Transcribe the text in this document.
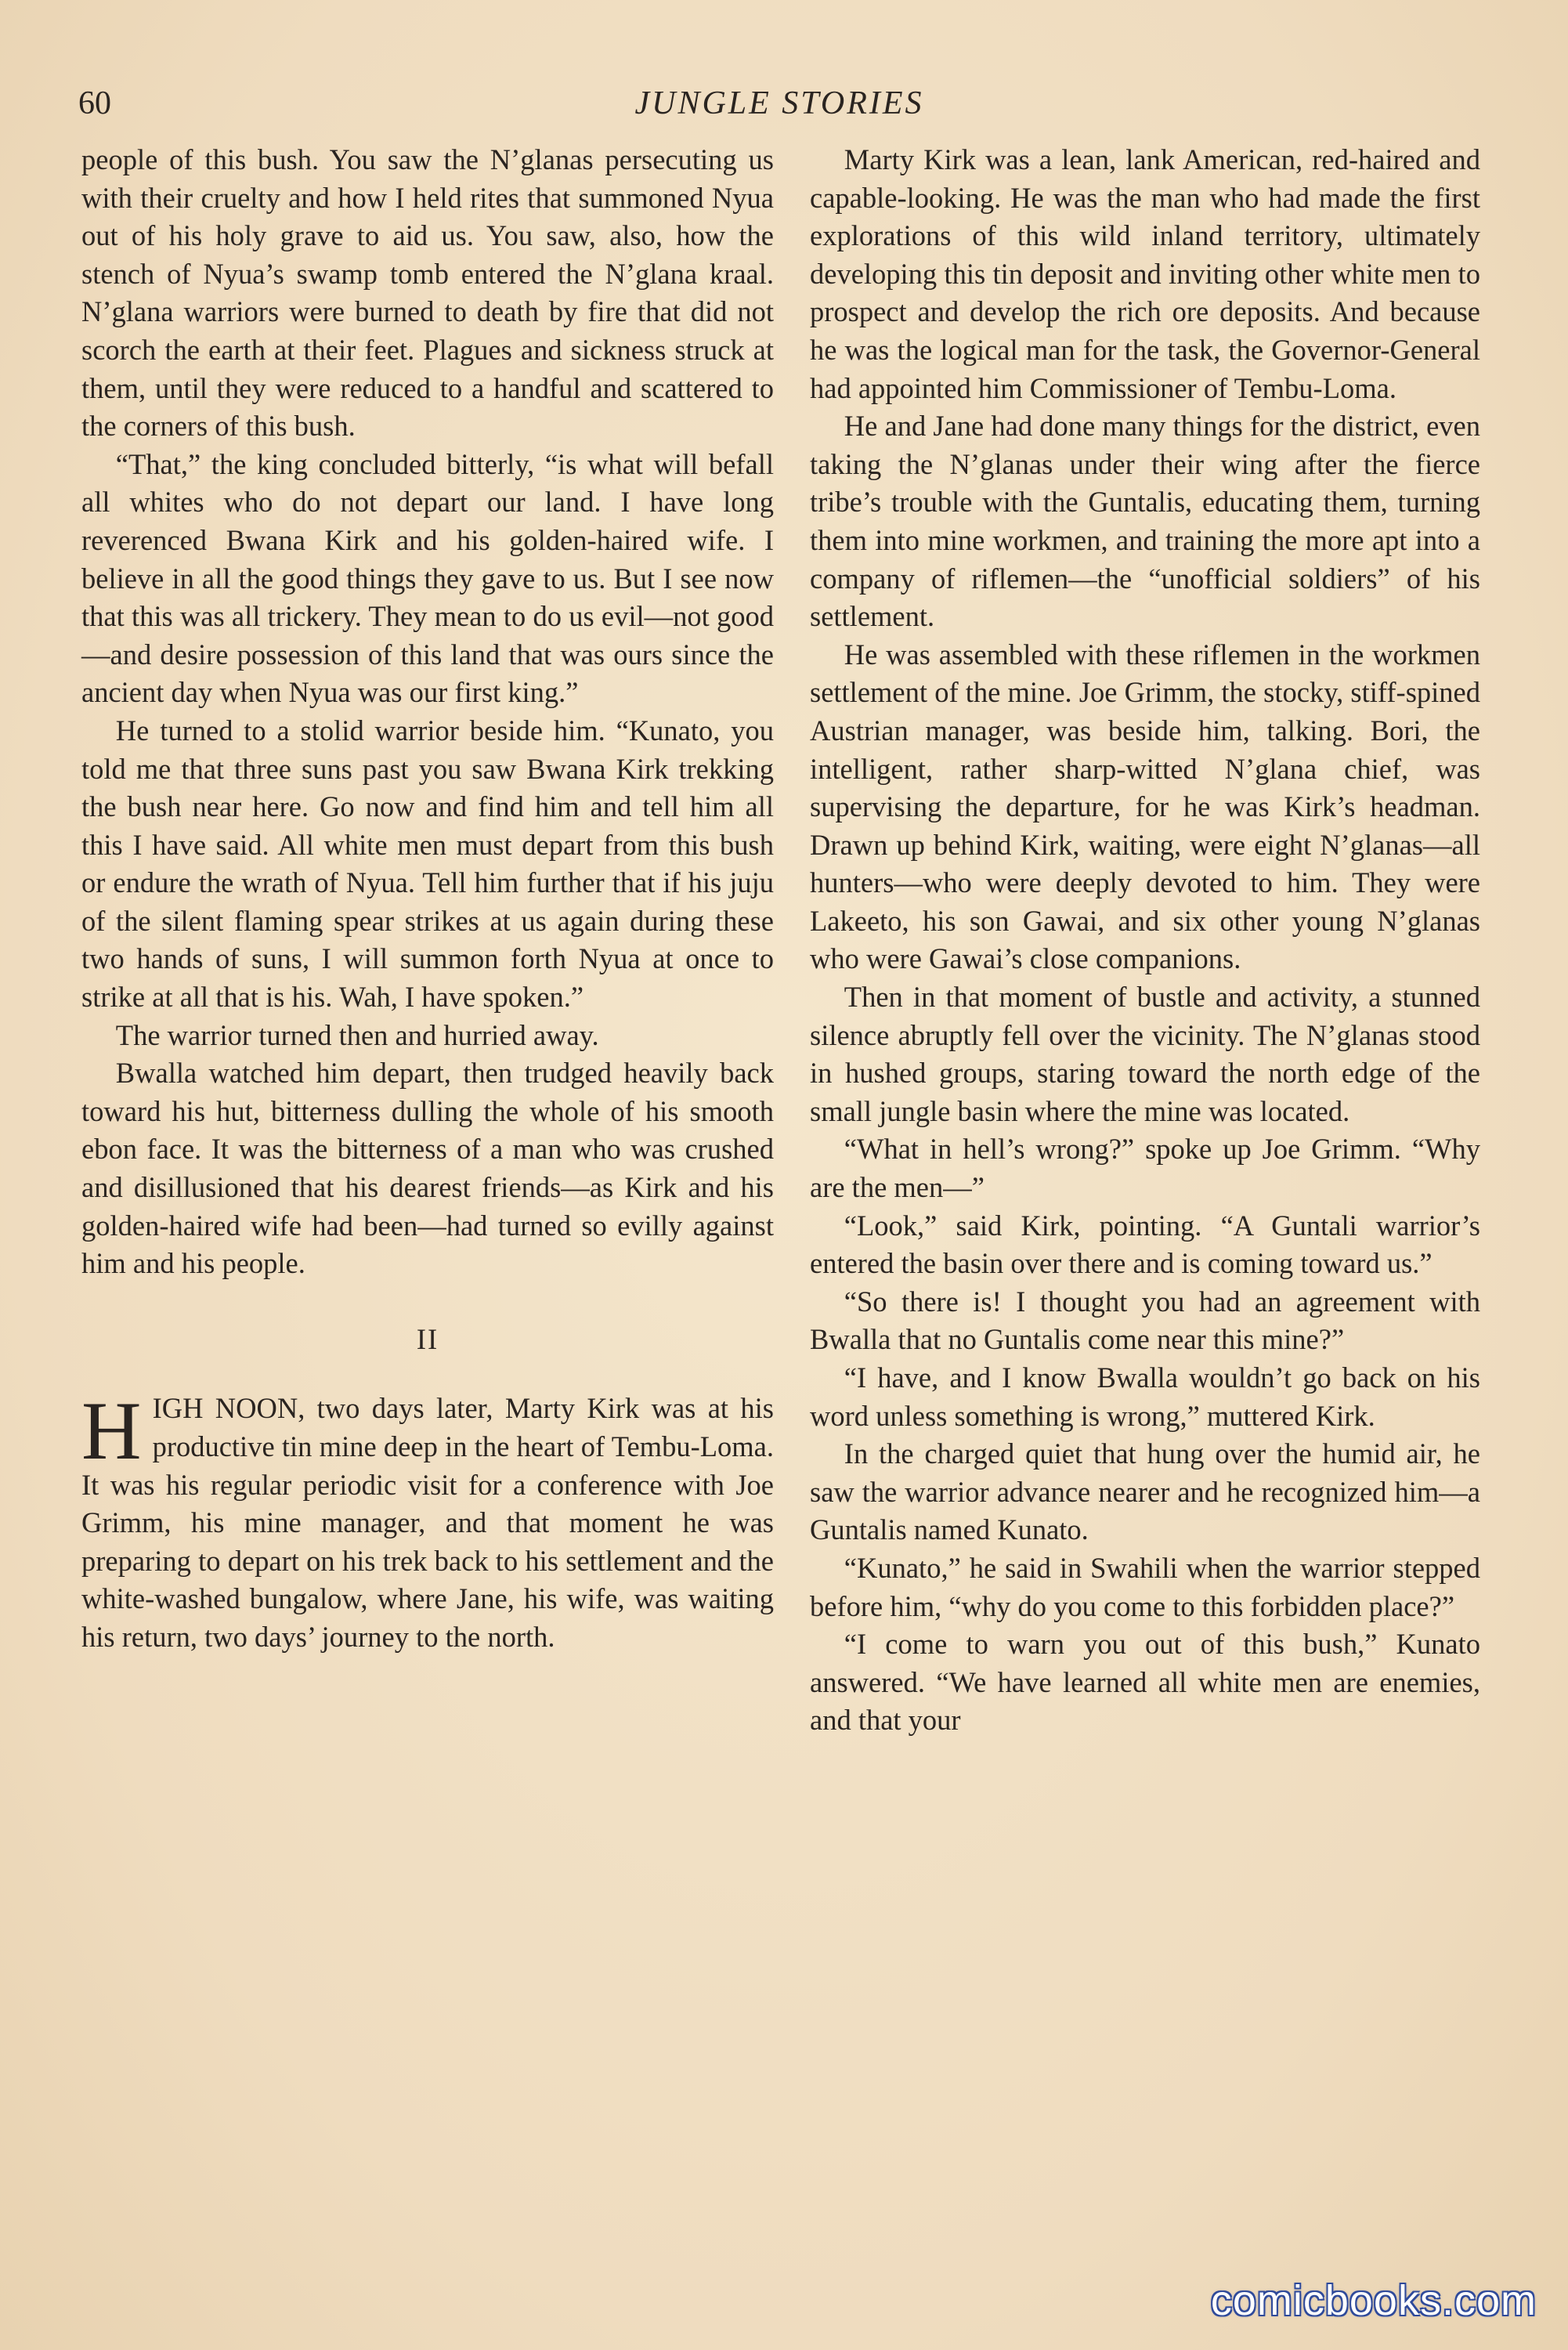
60	JUNGLE STORIES

people of this bush. You saw the N’glanas persecuting us with their cruelty and how I held rites that summoned Nyua out of his holy grave to aid us. You saw, also, how the stench of Nyua’s swamp tomb entered the N’glana kraal. N’glana warriors were burned to death by fire that did not scorch the earth at their feet. Plagues and sickness struck at them, until they were reduced to a handful and scattered to the corners of this bush.

“That,” the king concluded bitterly, “is what will befall all whites who do not depart our land. I have long reverenced Bwana Kirk and his golden-haired wife. I believe in all the good things they gave to us. But I see now that this was all trickery. They mean to do us evil—not good—and desire possession of this land that was ours since the ancient day when Nyua was our first king.”

He turned to a stolid warrior beside him. “Kunato, you told me that three suns past you saw Bwana Kirk trekking the bush near here. Go now and find him and tell him all this I have said. All white men must depart from this bush or endure the wrath of Nyua. Tell him further that if his juju of the silent flaming spear strikes at us again during these two hands of suns, I will summon forth Nyua at once to strike at all that is his. Wah, I have spoken.”

The warrior turned then and hurried away.

Bwalla watched him depart, then trudged heavily back toward his hut, bitterness dulling the whole of his smooth ebon face. It was the bitterness of a man who was crushed and disillusioned that his dearest friends—as Kirk and his golden-haired wife had been—had turned so evilly against him and his people.

II

HIGH NOON, two days later, Marty Kirk was at his productive tin mine deep in the heart of Tembu-Loma. It was his regular periodic visit for a conference with Joe Grimm, his mine manager, and that moment he was preparing to depart on his trek back to his settlement and the white-washed bungalow, where Jane, his wife, was waiting his return, two days’ journey to the north.

Marty Kirk was a lean, lank American, red-haired and capable-looking. He was the man who had made the first explorations of this wild inland territory, ultimately developing this tin deposit and inviting other white men to prospect and develop the rich ore deposits. And because he was the logical man for the task, the Governor-General had appointed him Commissioner of Tembu-Loma.

He and Jane had done many things for the district, even taking the N’glanas under their wing after the fierce tribe’s trouble with the Guntalis, educating them, turning them into mine workmen, and training the more apt into a company of riflemen—the “unofficial soldiers” of his settlement.

He was assembled with these riflemen in the workmen settlement of the mine. Joe Grimm, the stocky, stiff-spined Austrian manager, was beside him, talking. Bori, the intelligent, rather sharp-witted N’glana chief, was supervising the departure, for he was Kirk’s headman. Drawn up behind Kirk, waiting, were eight N’glanas—all hunters—who were deeply devoted to him. They were Lakeeto, his son Gawai, and six other young N’glanas who were Gawai’s close companions.

Then in that moment of bustle and activity, a stunned silence abruptly fell over the vicinity. The N’glanas stood in hushed groups, staring toward the north edge of the small jungle basin where the mine was located.

“What in hell’s wrong?” spoke up Joe Grimm. “Why are the men—”

“Look,” said Kirk, pointing. “A Guntali warrior’s entered the basin over there and is coming toward us.”

“So there is! I thought you had an agreement with Bwalla that no Guntalis come near this mine?”

“I have, and I know Bwalla wouldn’t go back on his word unless something is wrong,” muttered Kirk.

In the charged quiet that hung over the humid air, he saw the warrior advance nearer and he recognized him—a Guntalis named Kunato.

“Kunato,” he said in Swahili when the warrior stepped before him, “why do you come to this forbidden place?”

“I come to warn you out of this bush,” Kunato answered. “We have learned all white men are enemies, and that your

comicbooks.com
